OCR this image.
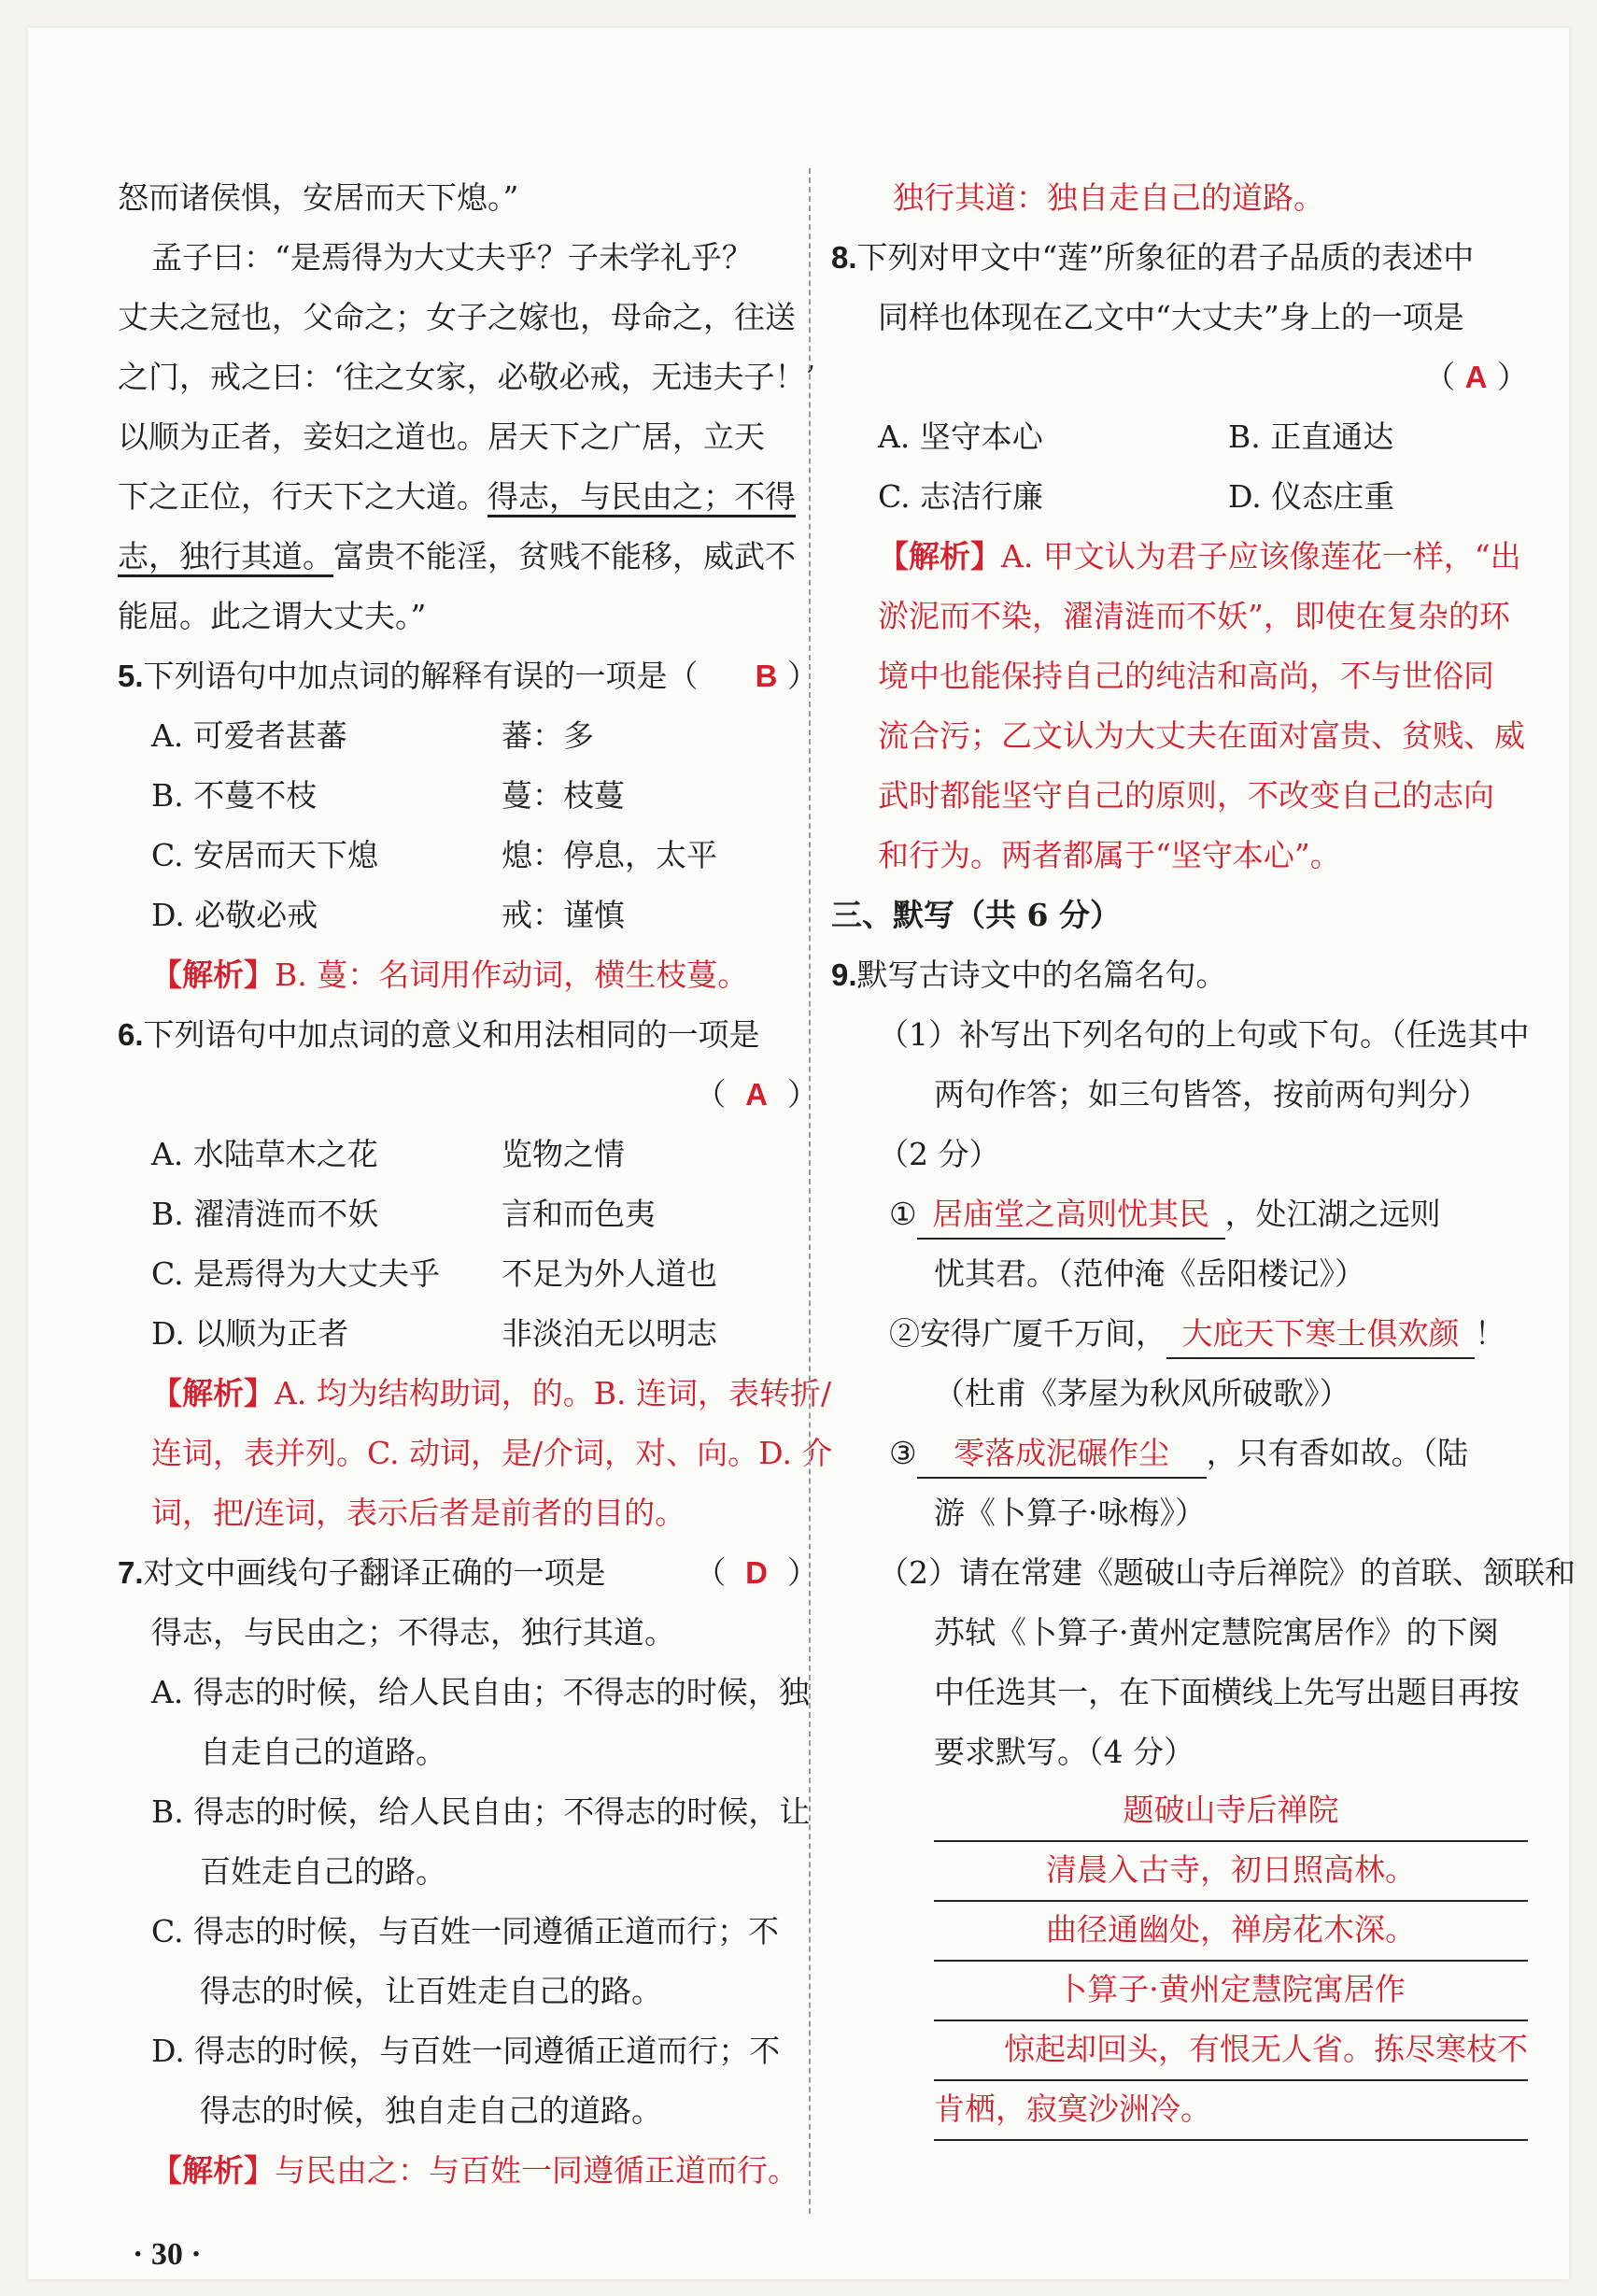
怒而诸侯惧，安居而天下熄。”
孟子曰：“是焉得为大丈夫乎？子未学礼乎？
丈夫之冠也，父命之；女子之嫁也，母命之，往送
之门，戒之曰：‘往之女家，必敬必戒，无违夫子！’
以顺为正者，妾妇之道也。居天下之广居，立天
下之正位，行天下之大道。得志，与民由之；不得
志，独行其道。富贵不能淫，贫贱不能移，威武不
能屈。此之谓大丈夫。”
5.下列语句中加点词的解释有误的一项是（ B ）
A. 可爱者甚蕃	蕃：多
B. 不蔓不枝	蔓：枝蔓
C. 安居而天下熄	熄：停息，太平
D. 必敬必戒	戒：谨慎
【解析】B. 蔓：名词用作动词，横生枝蔓。
6.下列语句中加点词的意义和用法相同的一项是
（ A ）
A. 水陆草木之花	览物之情
B. 濯清涟而不妖	言和而色夷
C. 是焉得为大丈夫乎 不足为外人道也
D. 以顺为正者	非淡泊无以明志
【解析】A. 均为结构助词，的。B. 连词，表转折/
连词，表并列。C. 动词，是/介词，对、向。D. 介
词，把/连词，表示后者是前者的目的。
7.对文中画线句子翻译正确的一项是	（ D ）
得志，与民由之；不得志，独行其道。
A. 得志的时候，给人民自由；不得志的时候，独
自走自己的道路。
B. 得志的时候，给人民自由；不得志的时候，让
百姓走自己的路。
C. 得志的时候，与百姓一同遵循正道而行；不
得志的时候，让百姓走自己的路。
D. 得志的时候，与百姓一同遵循正道而行；不
得志的时候，独自走自己的道路。
【解析】与民由之：与百姓一同遵循正道而行。
独行其道：独自走自己的道路。
8.下列对甲文中“莲”所象征的君子品质的表述中
同样也体现在乙文中“大丈夫”身上的一项是
（ A ）
A. 坚守本心	B. 正直通达
C. 志洁行廉	D. 仪态庄重
【解析】A. 甲文认为君子应该像莲花一样，“出
淤泥而不染，濯清涟而不妖”，即使在复杂的环
境中也能保持自己的纯洁和高尚，不与世俗同
流合污；乙文认为大丈夫在面对富贵、贫贱、威
武时都能坚守自己的原则，不改变自己的志向
和行为。两者都属于“坚守本心”。
三、默写（共 6 分）
9.默写古诗文中的名篇名句。
（1）补写出下列名句的上句或下句。（任选其中
两句作答；如三句皆答，按前两句判分）
（2 分）
① 居庙堂之高则忧其民 ，处江湖之远则
忧其君。（范仲淹《岳阳楼记》）
②安得广厦千万间， 大庇天下寒士俱欢颜 ！
（杜甫《茅屋为秋风所破歌》）
③ 零落成泥碾作尘 ，只有香如故。（陆
游《卜算子·咏梅》）
（2）请在常建《题破山寺后禅院》的首联、颔联和
苏轼《卜算子·黄州定慧院寓居作》的下阕
中任选其一，在下面横线上先写出题目再按
要求默写。（4 分）
题破山寺后禅院
清晨入古寺，初日照高林。
曲径通幽处，禅房花木深。
卜算子·黄州定慧院寓居作
惊起却回头，有恨无人省。拣尽寒枝不
肯栖，寂寞沙洲冷。
· 30 ·
